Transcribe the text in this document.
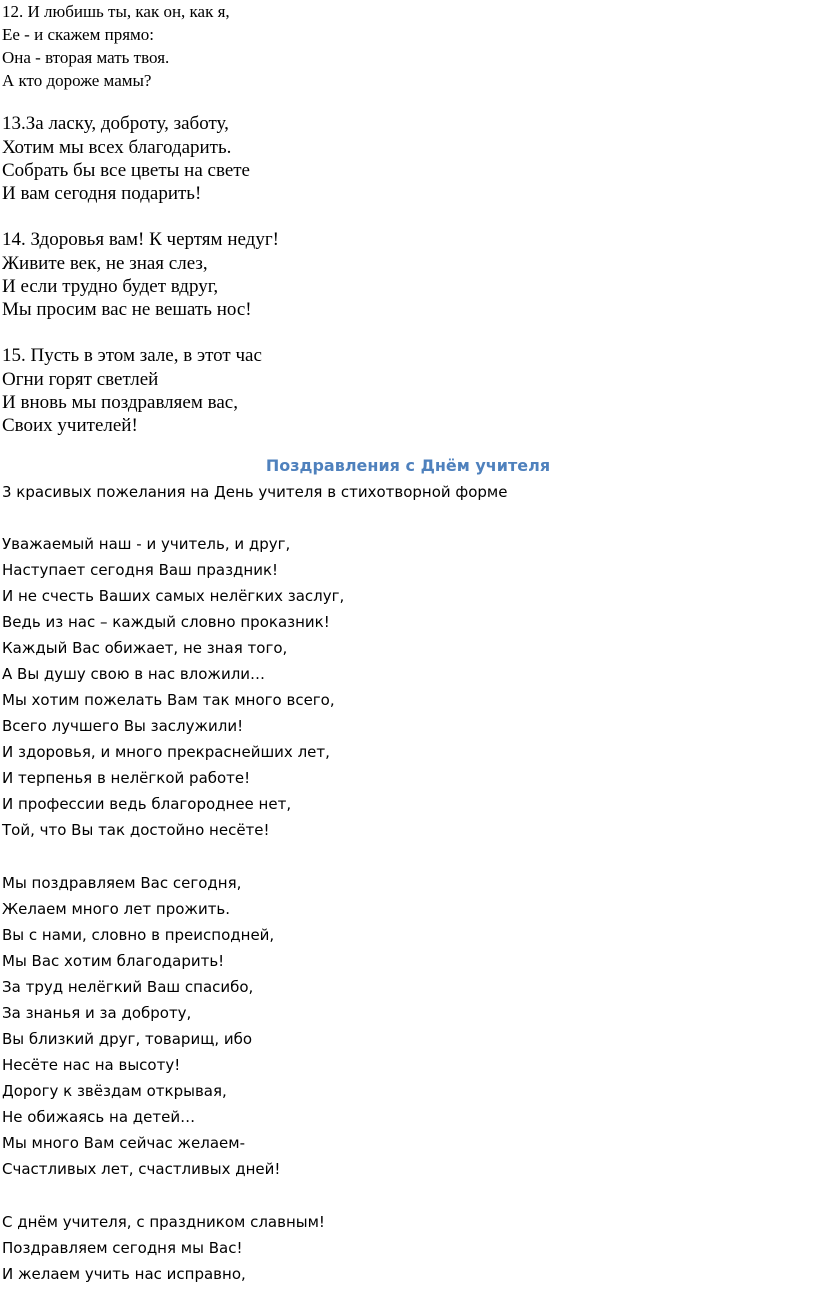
12. И любишь ты, как он, как я,
Ее - и скажем прямо:
Она - вторая мать твоя.
А кто дороже мамы?
13.За ласку, доброту, заботу,
Хотим мы всех благодарить.
Собрать бы все цветы на свете
И вам сегодня подарить!
14. Здоровья вам! К чертям недуг!
Живите век, не зная слез,
И если трудно будет вдруг,
Мы просим вас не вешать нос!
15. Пусть в этом зале, в этот час
Огни горят светлей
И вновь мы поздравляем вас,
Своих учителей!
Поздравления с Днём учителя
3 красивых пожелания на День учителя в стихотворной форме
Уважаемый наш - и учитель, и друг,
Наступает сегодня Ваш праздник!
И не счесть Ваших самых нелёгких заслуг,
Ведь из нас – каждый словно проказник!
Каждый Вас обижает, не зная того,
А Вы душу свою в нас вложили…
Мы хотим пожелать Вам так много всего,
Всего лучшего Вы заслужили!
И здоровья, и много прекраснейших лет,
И терпенья в нелёгкой работе!
И профессии ведь благороднее нет,
Той, что Вы так достойно несёте!
Мы поздравляем Вас сегодня,
Желаем много лет прожить.
Вы с нами, словно в преисподней,
Мы Вас хотим благодарить!
За труд нелёгкий Ваш спасибо,
За знанья и за доброту,
Вы близкий друг, товарищ, ибо
Несёте нас на высоту!
Дорогу к звёздам открывая,
Не обижаясь на детей…
Мы много Вам сейчас желаем-
Счастливых лет, счастливых дней!
С днём учителя, с праздником славным!
Поздравляем сегодня мы Вас!
И желаем учить нас исправно,
